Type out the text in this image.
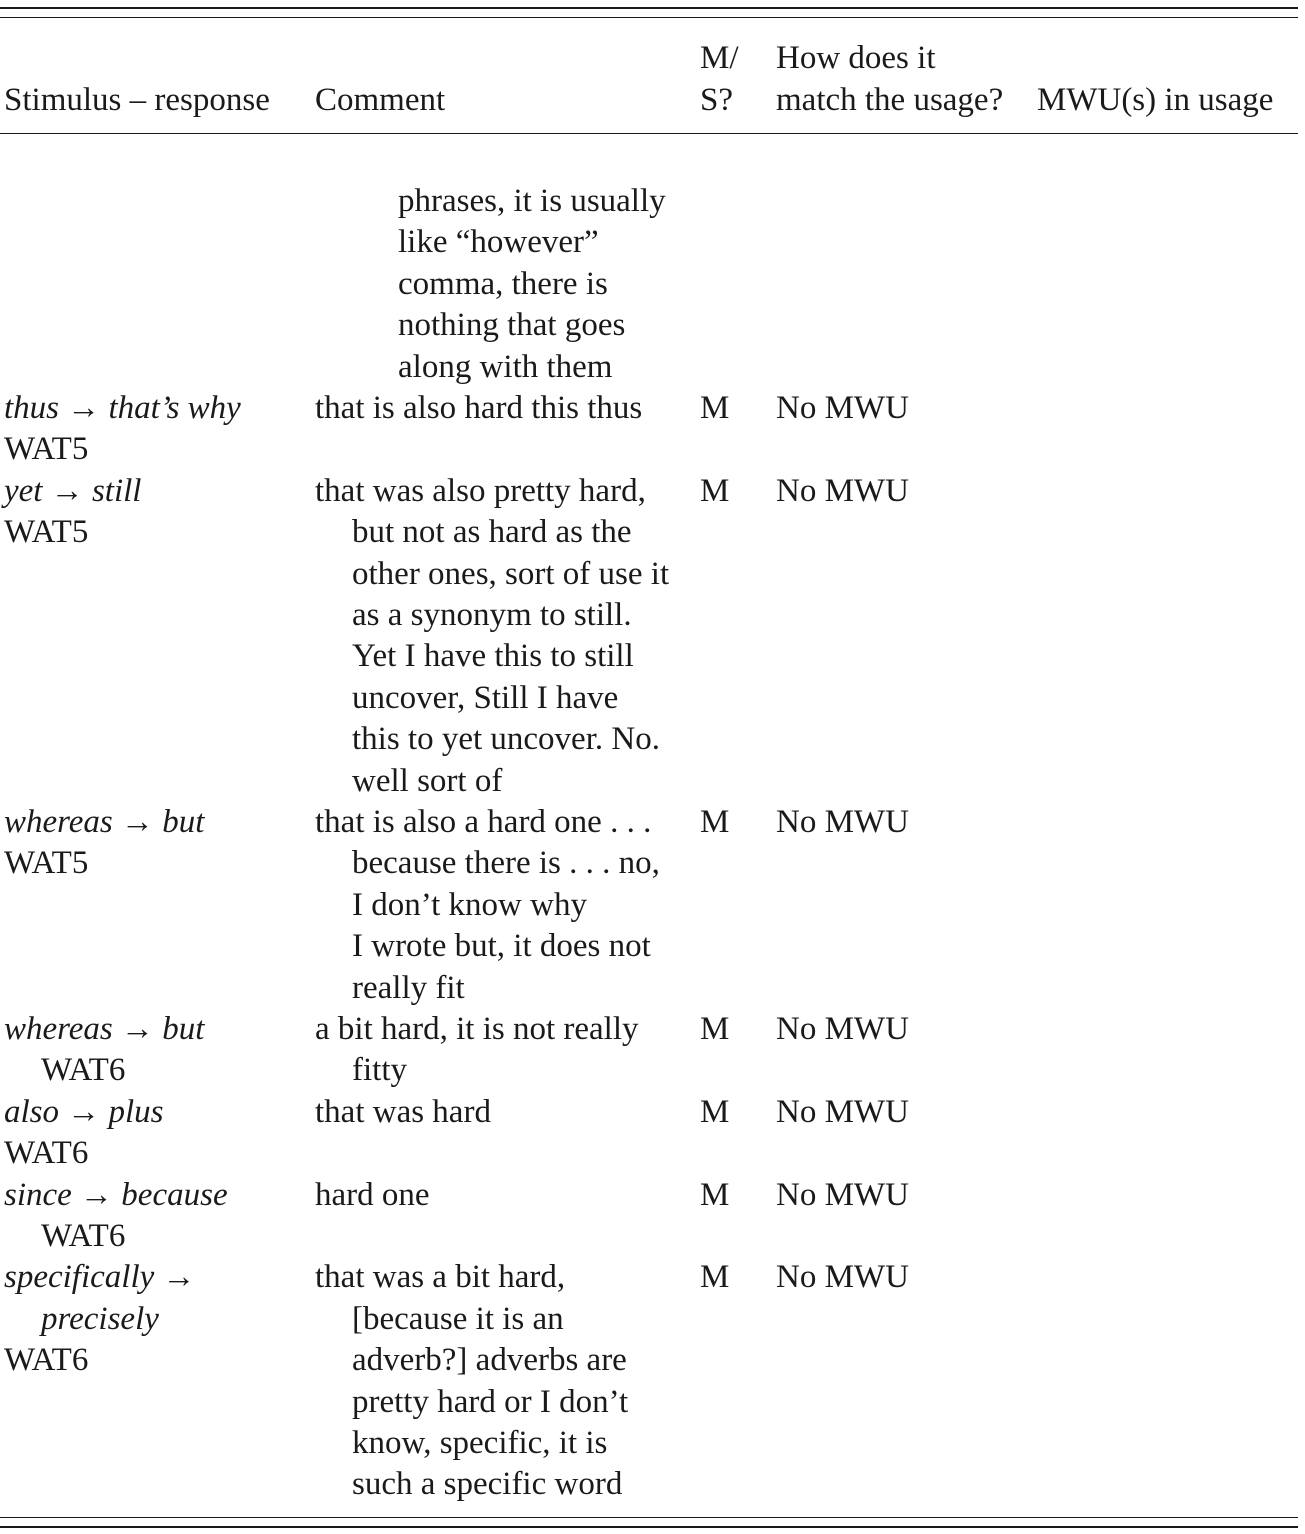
Stimulus – response Comment
M/
S?
How does it
match the usage? MWU(s) in usage
phrases, it is usually
like “however”
comma, there is
nothing that goes
along with them
thus → that’s why
WAT5
that is also hard this thus M No MWU
yet → still
WAT5
that was also pretty hard,
but not as hard as the
other ones, sort of use it
as a synonym to still.
Yet I have this to still
uncover, Still I have
this to yet uncover. No.
well sort of
M No MWU
whereas → but
WAT5
that is also a hard one . . .
because there is . . . no,
I don’t know why
I wrote but, it does not
really fit
M No MWU
whereas → but
WAT6
a bit hard, it is not really
fitty
M No MWU
also → plus
WAT6
that was hard	M No MWU
since → because
WAT6
hard one	M No MWU
specifically →
precisely
WAT6
that was a bit hard,
[because it is an
adverb?] adverbs are
pretty hard or I don’t
know, specific, it is
such a specific word
M No MWU
